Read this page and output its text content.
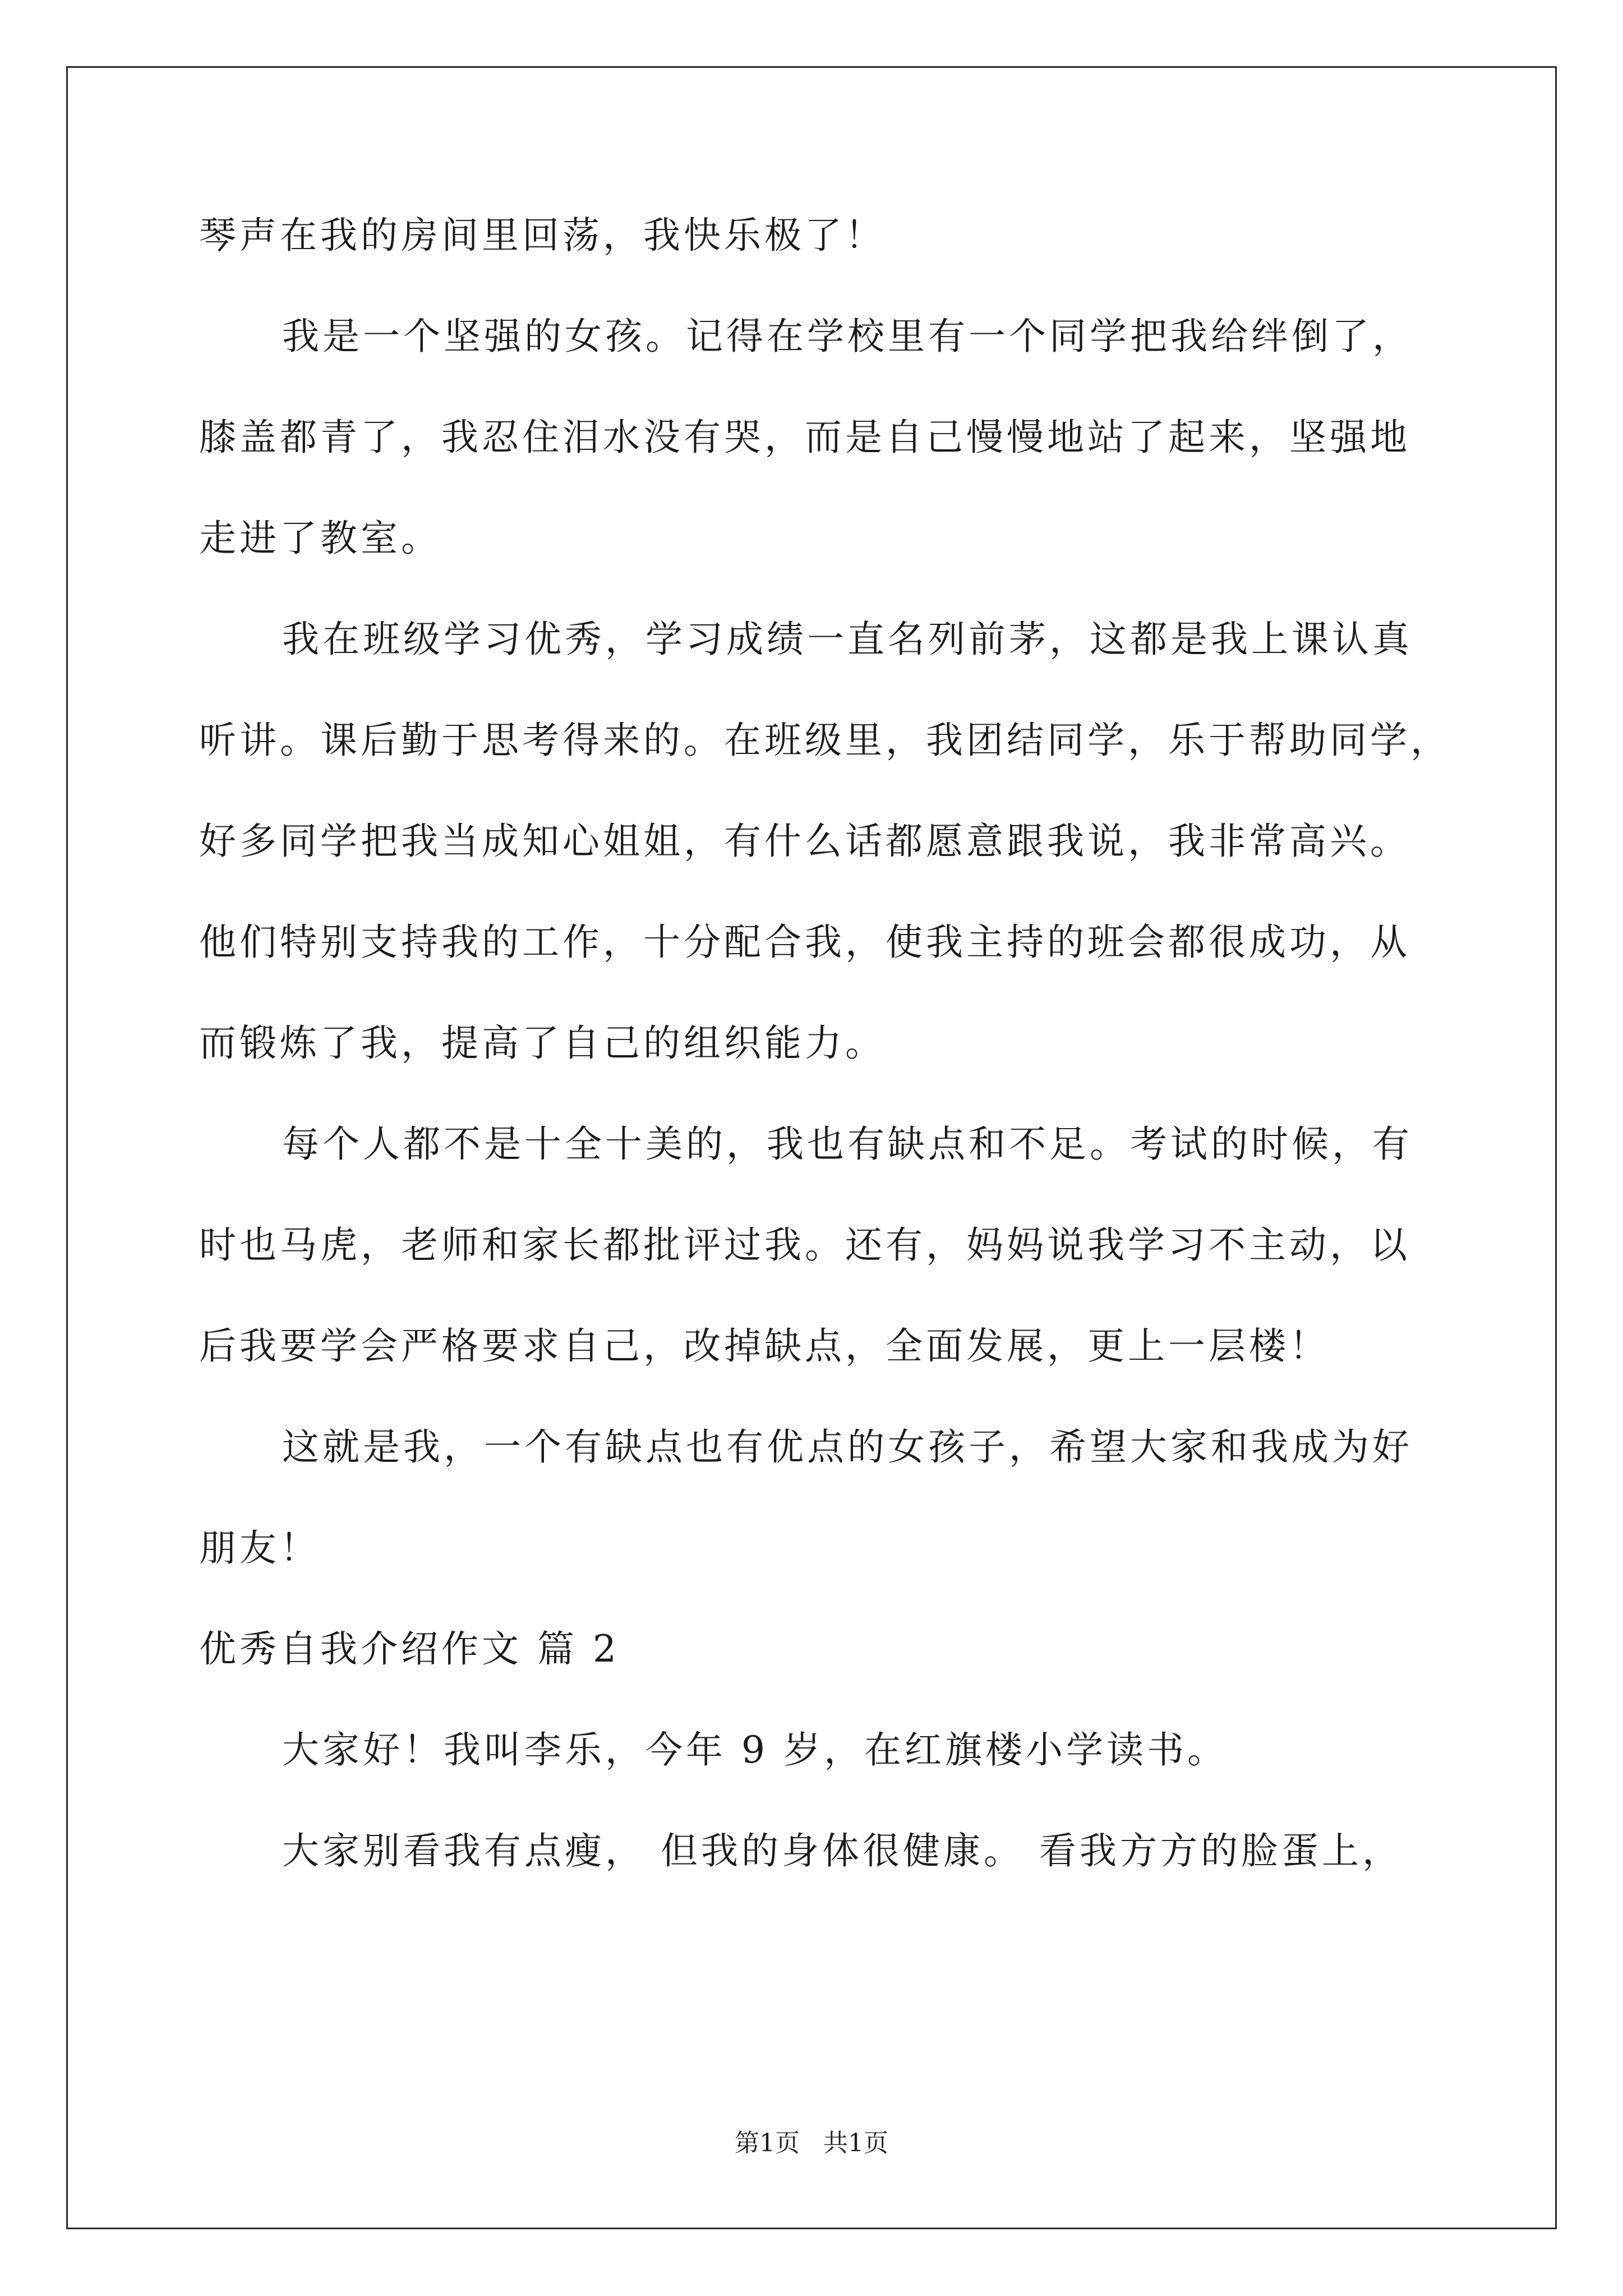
琴声在我的房间里回荡，我快乐极了！
我是一个坚强的女孩。记得在学校里有一个同学把我给绊倒了，
膝盖都青了，我忍住泪水没有哭，而是自己慢慢地站了起来，坚强地
走进了教室。
我在班级学习优秀，学习成绩一直名列前茅，这都是我上课认真
听讲。课后勤于思考得来的。在班级里，我团结同学，乐于帮助同学，
好多同学把我当成知心姐姐，有什么话都愿意跟我说，我非常高兴。
他们特别支持我的工作，十分配合我，使我主持的班会都很成功，从
而锻炼了我，提高了自己的组织能力。
每个人都不是十全十美的，我也有缺点和不足。考试的时候，有
时也马虎，老师和家长都批评过我。还有，妈妈说我学习不主动，以
后我要学会严格要求自己，改掉缺点，全面发展，更上一层楼！
这就是我，一个有缺点也有优点的女孩子，希望大家和我成为好
朋友！
优秀自我介绍作文 篇 2
大家好！我叫李乐，今年 9 岁，在红旗楼小学读书。
大家别看我有点瘦， 但我的身体很健康。 看我方方的脸蛋上，
第1页   共1页
